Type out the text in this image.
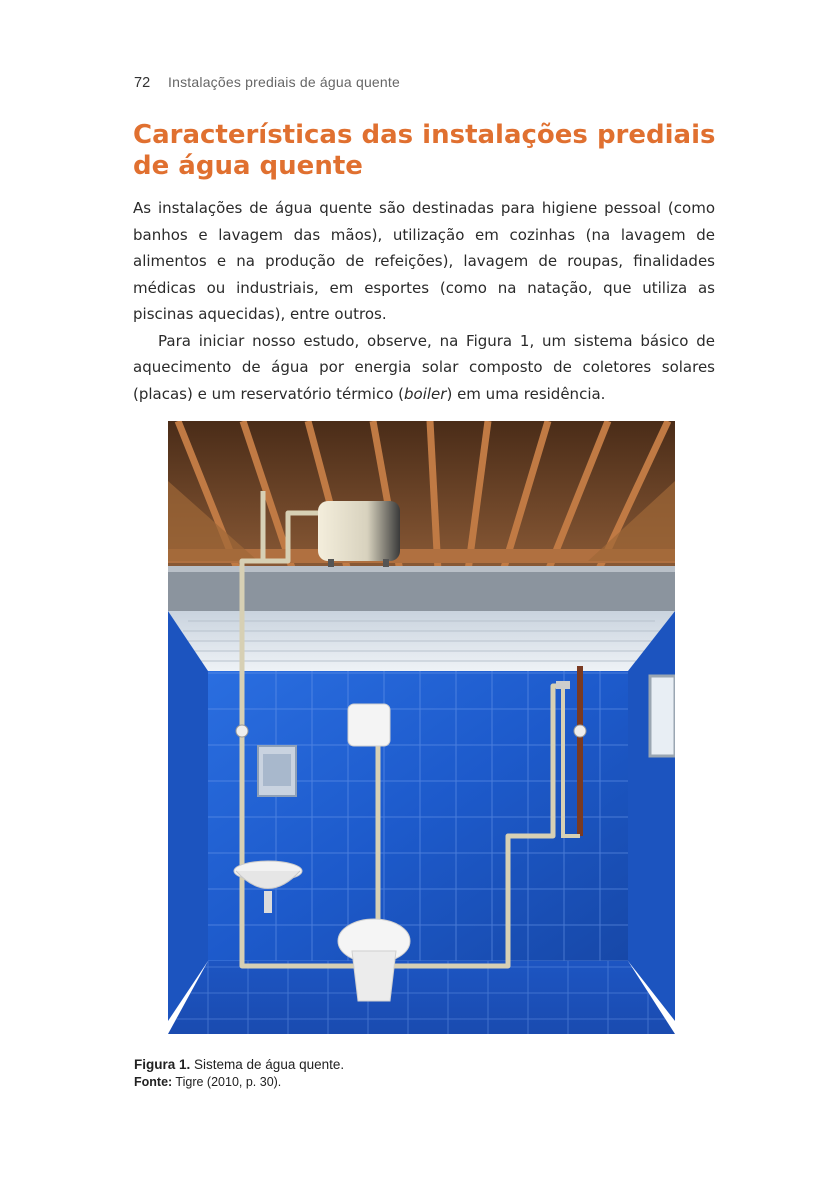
72 Instalações prediais de água quente
Características das instalações prediais de água quente

As instalações de água quente são destinadas para higiene pessoal (como banhos e lavagem das mãos), utilização em cozinhas (na lavagem de alimentos e na produção de refeições), lavagem de roupas, finalidades médicas ou industriais, em esportes (como na natação, que utiliza as piscinas aquecidas), entre outros.

Para iniciar nosso estudo, observe, na Figura 1, um sistema básico de aquecimento de água por energia solar composto de coletores solares (placas) e um reservatório térmico (boiler) em uma residência.

Figura 1. Sistema de água quente.
Fonte: Tigre (2010, p. 30).
